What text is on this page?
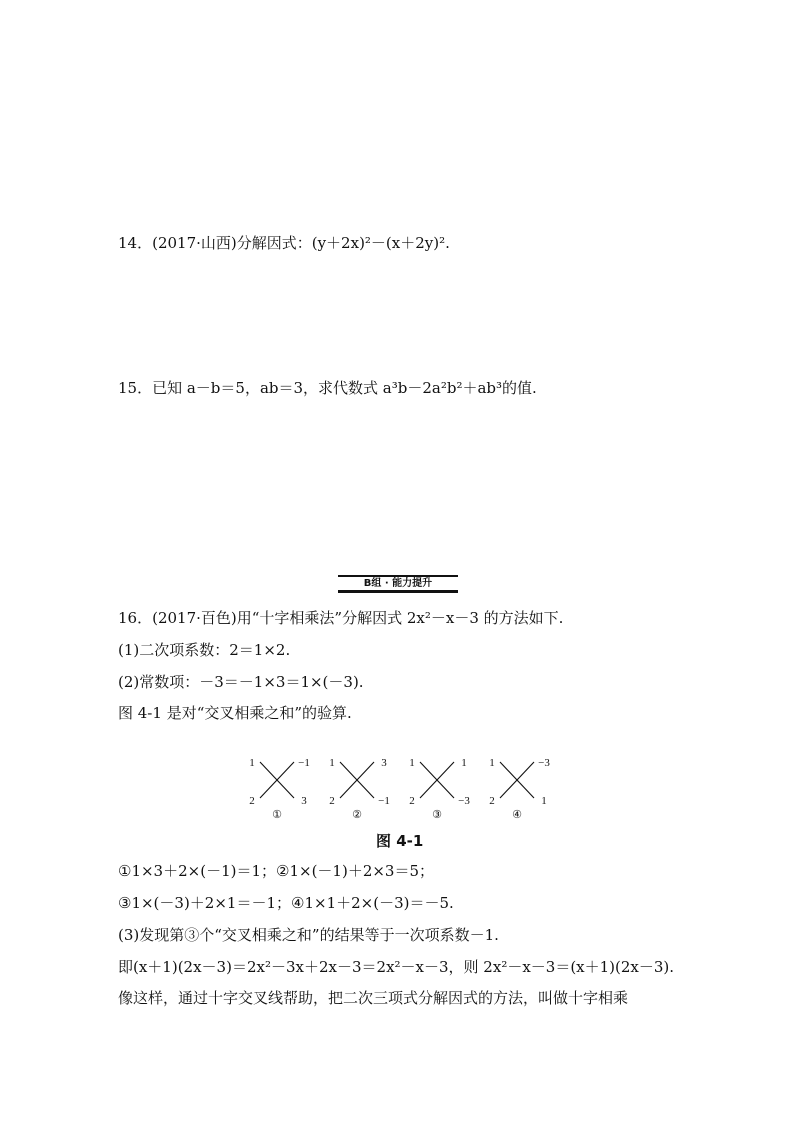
14．(2017·山西)分解因式：(y＋2x)²－(x＋2y)².
15．已知 a－b＝5，ab＝3，求代数式 a³b－2a²b²＋ab³的值.
B组 · 能力提升
16．(2017·百色)用“十字相乘法”分解因式 2x²－x－3 的方法如下.
(1)二次项系数：2＝1×2.
(2)常数项：－3＝－1×3＝1×(－3).
图 4-1 是对“交叉相乘之和”的验算.
1	−1
2	3
①
1	3
2	−1
②
1	1
2	−3
③
1	−3
2	1
④
图 4-1
①1×3＋2×(－1)＝1；②1×(－1)＋2×3＝5；
③1×(－3)＋2×1＝－1；④1×1＋2×(－3)＝－5.
(3)发现第③个“交叉相乘之和”的结果等于一次项系数－1.
即(x＋1)(2x－3)＝2x²－3x＋2x－3＝2x²－x－3，则 2x²－x－3＝(x＋1)(2x－3).
像这样，通过十字交叉线帮助，把二次三项式分解因式的方法，叫做十字相乘
